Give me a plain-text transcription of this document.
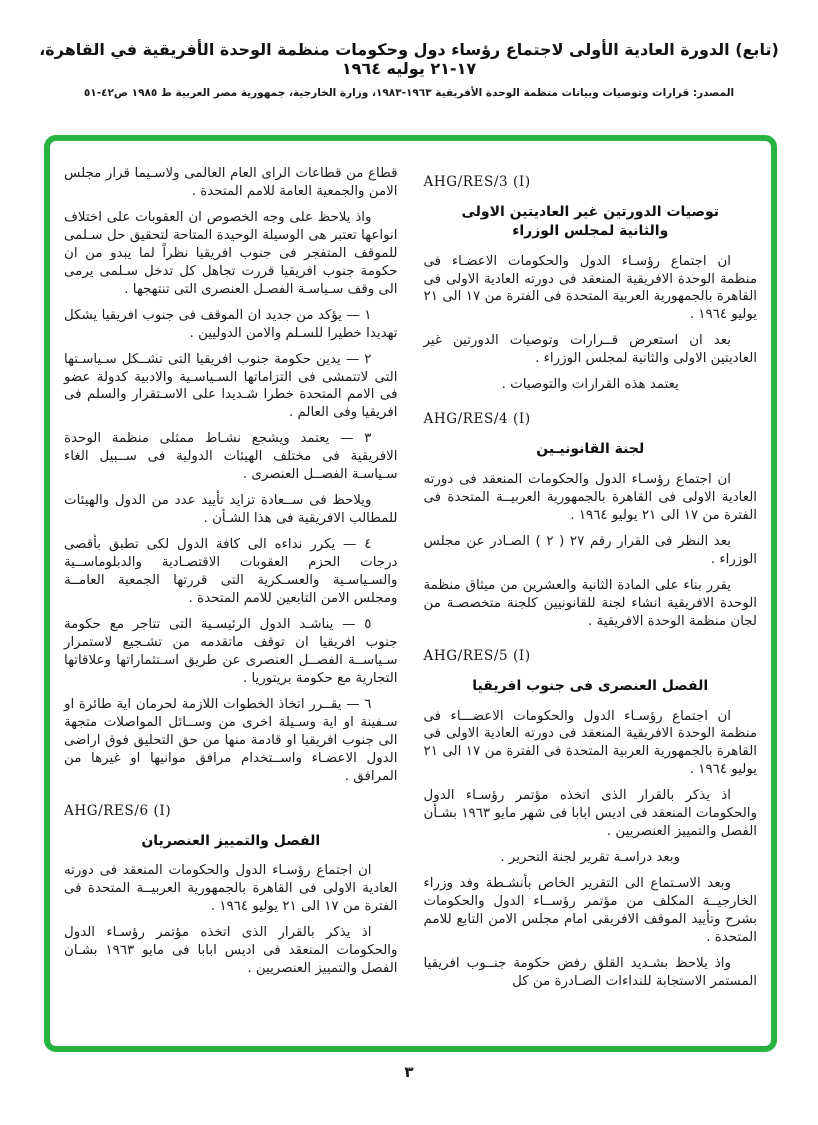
(تابع) الدورة العادية الأولى لاجتماع رؤساء دول وحكومات منظمة الوحدة الأفريقية في القاهرة، ١٧-٢١ يوليه ١٩٦٤
المصدر: قرارات وتوصيات وبيانات منظمة الوحدة الأفريقية ١٩٦٣-١٩٨٣، وزارة الخارجية، جمهورية مصر العربية ط ١٩٨٥ ص٤٢-٥١
AHG/RES/3 (I)
توصيات الدورتين غير العاديتين الاولى والثانية لمجلس الوزراء
ان اجتماع رؤسـاء الدول والحكومات الاعضـاء فى منظمة الوحدة الافريقية المنعقد فى دورته العادية الاولى فى القاهرة بالجمهورية العربية المتحدة فى الفترة من ١٧ الى ٢١ يوليو ١٩٦٤ .
بعد ان استعرض قــرارات وتوصيات الدورتين غير العاديتين الاولى والثانية لمجلس الوزراء .
يعتمد هذه القرارات والتوصيات .
AHG/RES/4 (I)
لجنة القانونيـين
ان اجتماع رؤسـاء الدول والحكومات المنعقد فى دورته العادية الاولى فى القاهرة بالجمهورية العربيــة المتحدة فى الفترة من ١٧ الى ٢١ يوليو ١٩٦٤ .
بعد النظر فى القرار رقم ٢٧ ( ٢ ) الصـادر عن مجلس الوزراء .
يقرر بناء على المادة الثانية والعشرين من ميثاق منظمة الوحدة الافريقية انشاء لجنة للقانونيين كلجنة متخصصـة من لجان منظمة الوحدة الافريقية .
AHG/RES/5 (I)
الفصل العنصرى فى جنوب افريقيا
ان اجتماع رؤسـاء الدول والحكومات الاعضـــاء فى منظمة الوحدة الافريقية المنعقد فى دورته العادية الاولى فى القاهرة بالجمهورية العربية المتحدة فى الفترة من ١٧ الى ٢١ يوليو ١٩٦٤ .
اذ يذكر بالقرار الذى اتخذه مؤتمر رؤسـاء الدول والحكومات المنعقد فى اديس ابابا فى شهر مايو ١٩٦٣ بشـأن الفصل والتمييز العنصريين .
وبعد دراسـة تقرير لجنة التحرير .
وبعد الاسـتماع الى التقرير الخاص بأنشـطة وفد وزراء الخارجيــة المكلف من مؤتمر رؤســاء الدول والحكومات بشرح وتأييد الموقف الافريقى امام مجلس الامن التابع للامم المتحدة .
واذ يلاحظ بشـديد القلق رفض حكومة جنــوب افريقيا المستمر الاستجابة للنداءات الصـادرة من كل
قطاع من قطاعات الراى العام العالمى ولاسـيما قرار مجلس الامن والجمعية العامة للامم المتحدة .
واذ يلاحظ على وجه الخصوص ان العقوبات على اختلاف انواعها تعتبر هى الوسيلة الوحيدة المتاحة لتحقيق حل سـلمى للموقف المتفجر فى جنوب افريقيا نظراً لما يبدو من ان حكومة جنوب افريقيا قررت تجاهل كل تدخل سـلمى يرمى الى وقف سـياسـة الفصـل العنصرى التى تنتهجها .
١ — يؤكد من جديد ان الموقف فى جنوب افريقيا يشكل تهديدا خطيرا للسـلم والامن الدوليين .
٢ — يدين حكومة جنوب افريقيا التى تشــكل سـياسـتها التى لاتتمشى فى التزاماتها السـياسـية والادبية كدولة عضو فى الامم المتحدة خطرا شـديدا على الاسـتقرار والسلم فى افريقيا وفى العالم .
٣ — يعتمد ويشجع نشـاط ممثلى منظمة الوحدة الافريقية فى مختلف الهيئات الدولية فى ســبيل الغاء سـياسـة الفصــل العنصرى .
ويلاحظ فى ســعادة تزايد تأييد عدد من الدول والهيئات للمطالب الافريقية فى هذا الشـأن .
٤ — يكرر نداءه الى كافة الدول لكى تطبق بأقصى درجات الحزم العقوبات الاقتصـادية والدبلوماســية والسـياسـية والعسـكرية التى قررتها الجمعية العامــة ومجلس الامن التابعين للامم المتحدة .
٥ — يناشـد الدول الرئيسـية التى تتاجر مع حكومة جنوب افريقيا ان توقف ماتقدمه من تشـجيع لاستمرار سـياســة الفصــل العنصرى عن طريق اسـتثماراتها وعلاقاتها التجارية مع حكومة بريتوريا .
٦ — يقــرر اتخاذ الخطوات اللازمة لحرمان اية طائرة او سـفينة او اية وسـيلة اخرى من وســائل المواصلات متجهة الى جنوب افريقيا او قادمة منها من حق التحليق فوق اراضى الدول الاعضـاء واســتخدام مرافق موانيها او غيرها من المرافق .
AHG/RES/6 (I)
الفصل والتمييز العنصريان
ان اجتماع رؤسـاء الدول والحكومات المنعقد فى دورته العادية الاولى فى القاهرة بالجمهورية العربيــة المتحدة فى الفترة من ١٧ الى ٢١ يوليو ١٩٦٤ .
اذ يذكر بالقرار الذى اتخذه مؤتمر رؤسـاء الدول والحكومات المنعقد فى اديس ابابا فى مايو ١٩٦٣ بشـان الفصل والتمييز العنصريين .
٣
